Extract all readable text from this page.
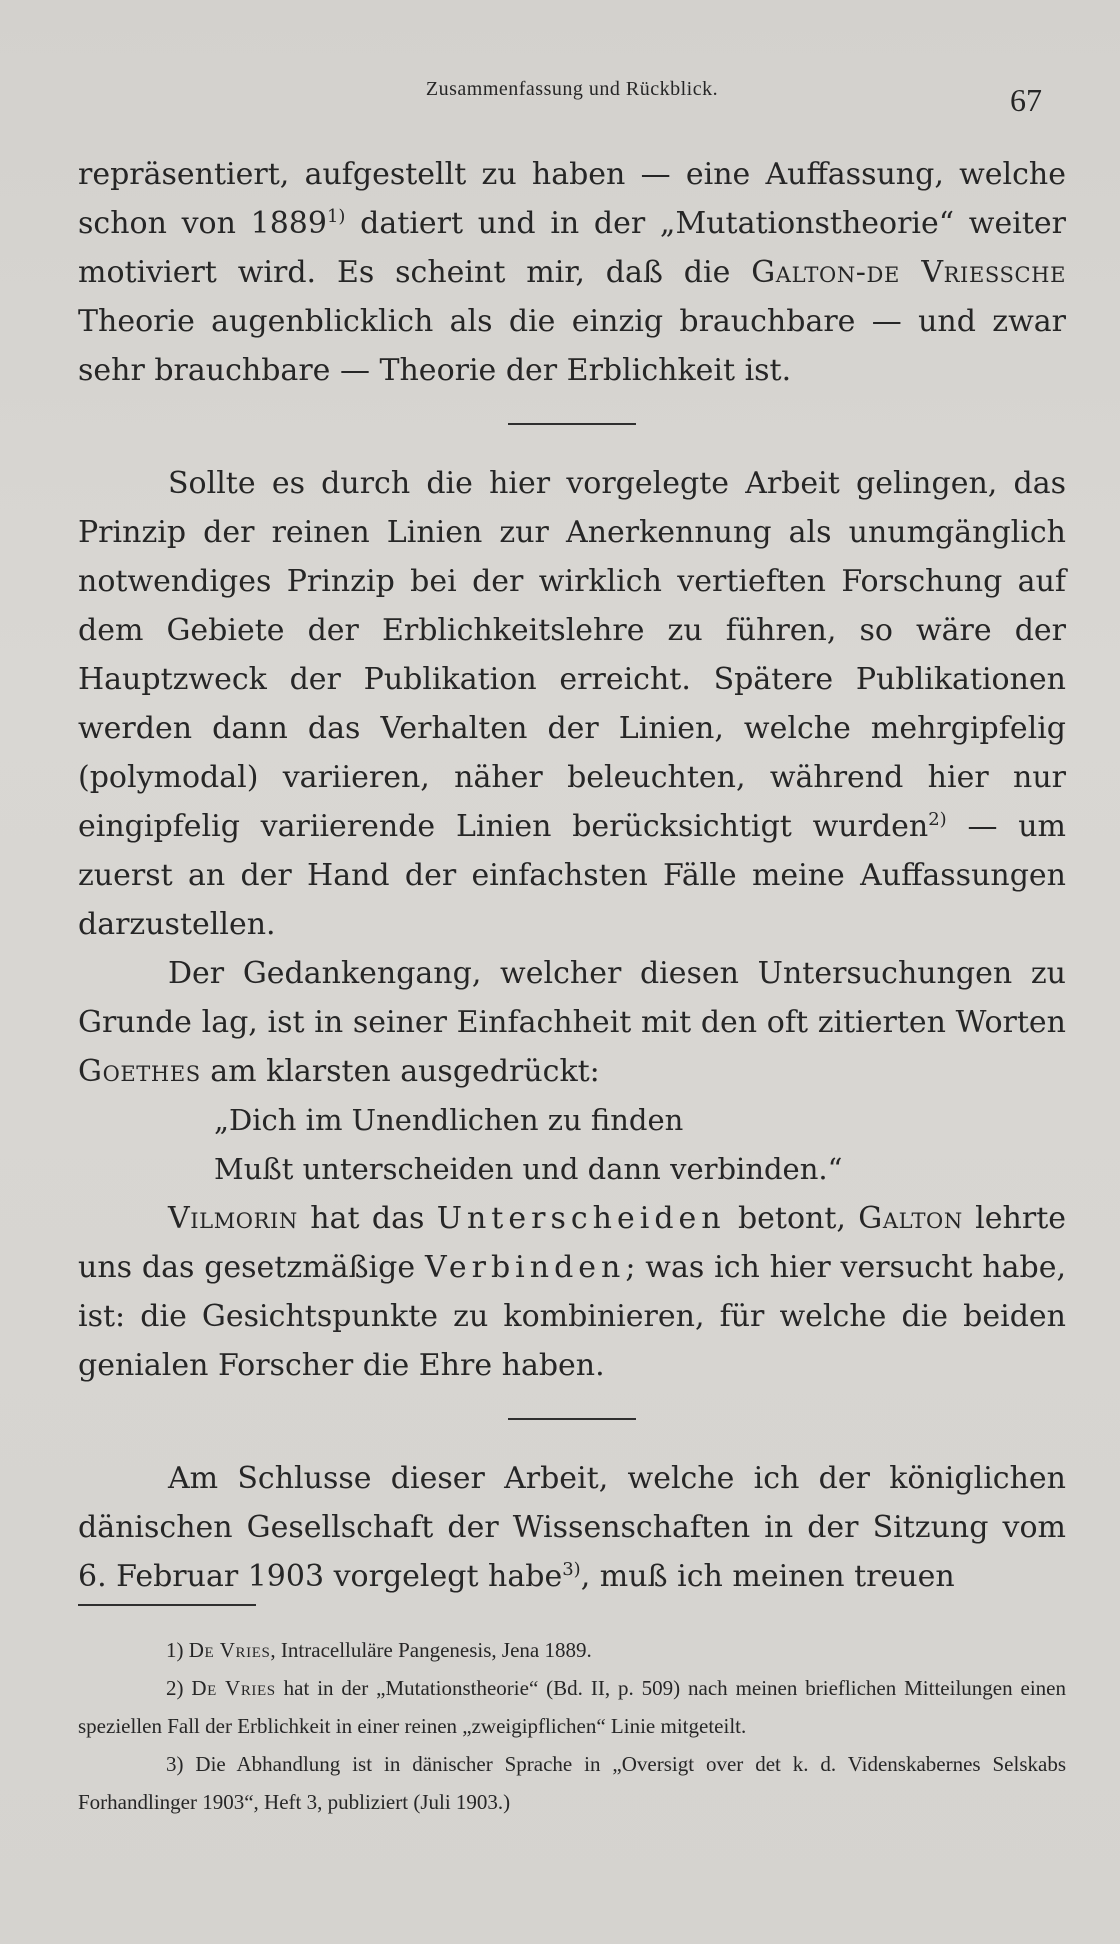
Zusammenfassung und Rückblick.	67

repräsentiert, aufgestellt zu haben — eine Auffassung, welche schon von 1889$^{1)}$ datiert und in der „Mutationstheorie“ weiter motiviert wird. Es scheint mir, daß die Galton-de Vriessche Theorie augenblicklich als die einzig brauchbare — und zwar sehr brauchbare — Theorie der Erblichkeit ist.

Sollte es durch die hier vorgelegte Arbeit gelingen, das Prinzip der reinen Linien zur Anerkennung als unumgänglich notwendiges Prinzip bei der wirklich vertieften Forschung auf dem Gebiete der Erblichkeitslehre zu führen, so wäre der Hauptzweck der Publikation erreicht. Spätere Publikationen werden dann das Verhalten der Linien, welche mehrgipfelig (polymodal) variieren, näher beleuchten, während hier nur eingipfelig variierende Linien berücksichtigt wurden$^{2)}$ — um zuerst an der Hand der einfachsten Fälle meine Auffassungen darzustellen.

Der Gedankengang, welcher diesen Untersuchungen zu Grunde lag, ist in seiner Einfachheit mit den oft zitierten Worten Goethes am klarsten ausgedrückt:

„Dich im Unendlichen zu finden
Mußt unterscheiden und dann verbinden.“

Vilmorin hat das Unterscheiden betont, Galton lehrte uns das gesetzmäßige Verbinden; was ich hier versucht habe, ist: die Gesichtspunkte zu kombinieren, für welche die beiden genialen Forscher die Ehre haben.

Am Schlusse dieser Arbeit, welche ich der königlichen dänischen Gesellschaft der Wissenschaften in der Sitzung vom 6. Februar 1903 vorgelegt habe$^{3)}$, muß ich meinen treuen

1) De Vries, Intracelluläre Pangenesis, Jena 1889.

2) De Vries hat in der „Mutationstheorie“ (Bd. II, p. 509) nach meinen brieflichen Mitteilungen einen speziellen Fall der Erblichkeit in einer reinen „zweigipflichen“ Linie mitgeteilt.

3) Die Abhandlung ist in dänischer Sprache in „Oversigt over det k. d. Videnskabernes Selskabs Forhandlinger 1903“, Heft 3, publiziert (Juli 1903.)
